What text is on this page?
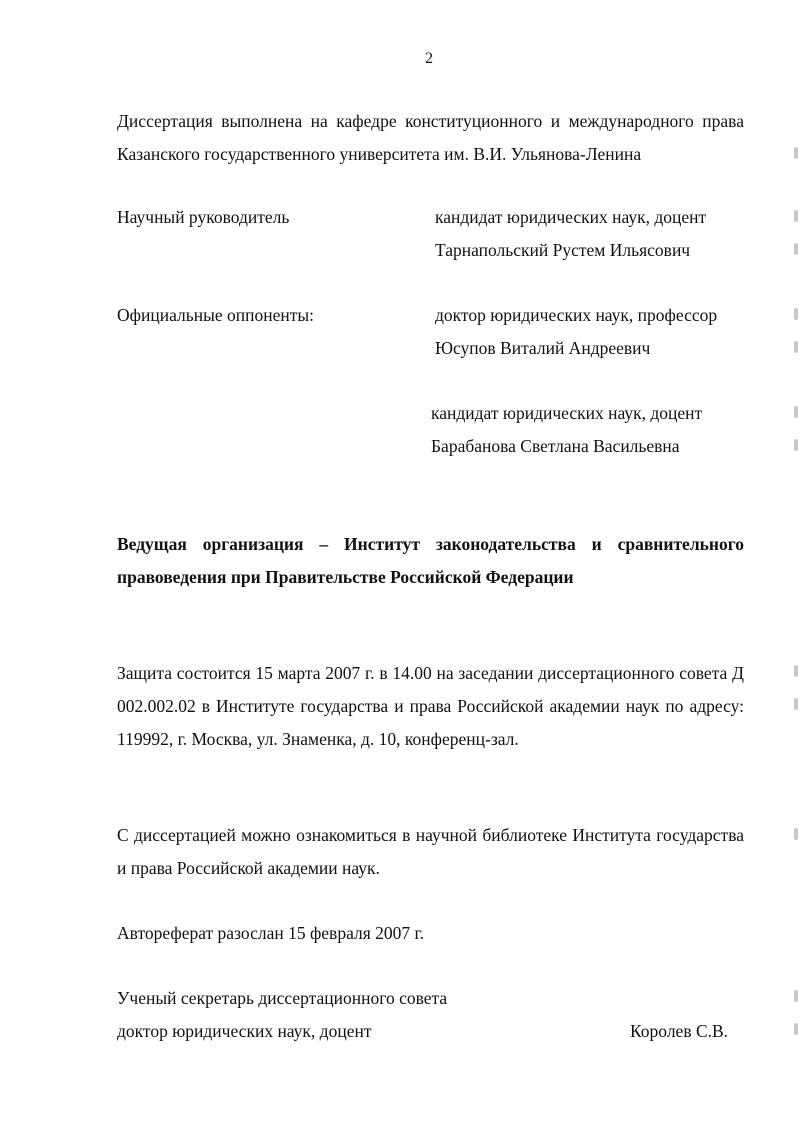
2
Диссертация выполнена на кафедре конституционного и международного права Казанского государственного университета им. В.И. Ульянова-Ленина
Научный руководитель	кандидат юридических наук, доцент
Тарнапольский Рустем Ильясович
Официальные оппоненты:	доктор юридических наук, профессор
Юсупов Виталий Андреевич
кандидат юридических наук, доцент
Барабанова Светлана Васильевна
Ведущая организация – Институт законодательства и сравнительного правоведения при Правительстве Российской Федерации
Защита состоится 15 марта 2007 г. в 14.00 на заседании диссертационного совета Д 002.002.02 в Институте государства и права Российской академии наук по адресу: 119992, г. Москва, ул. Знаменка, д. 10, конференц-зал.
С диссертацией можно ознакомиться в научной библиотеке Института государства и права Российской академии наук.
Автореферат разослан 15 февраля 2007 г.
Ученый секретарь диссертационного совета
доктор юридических наук, доцент	Королев С.В.
